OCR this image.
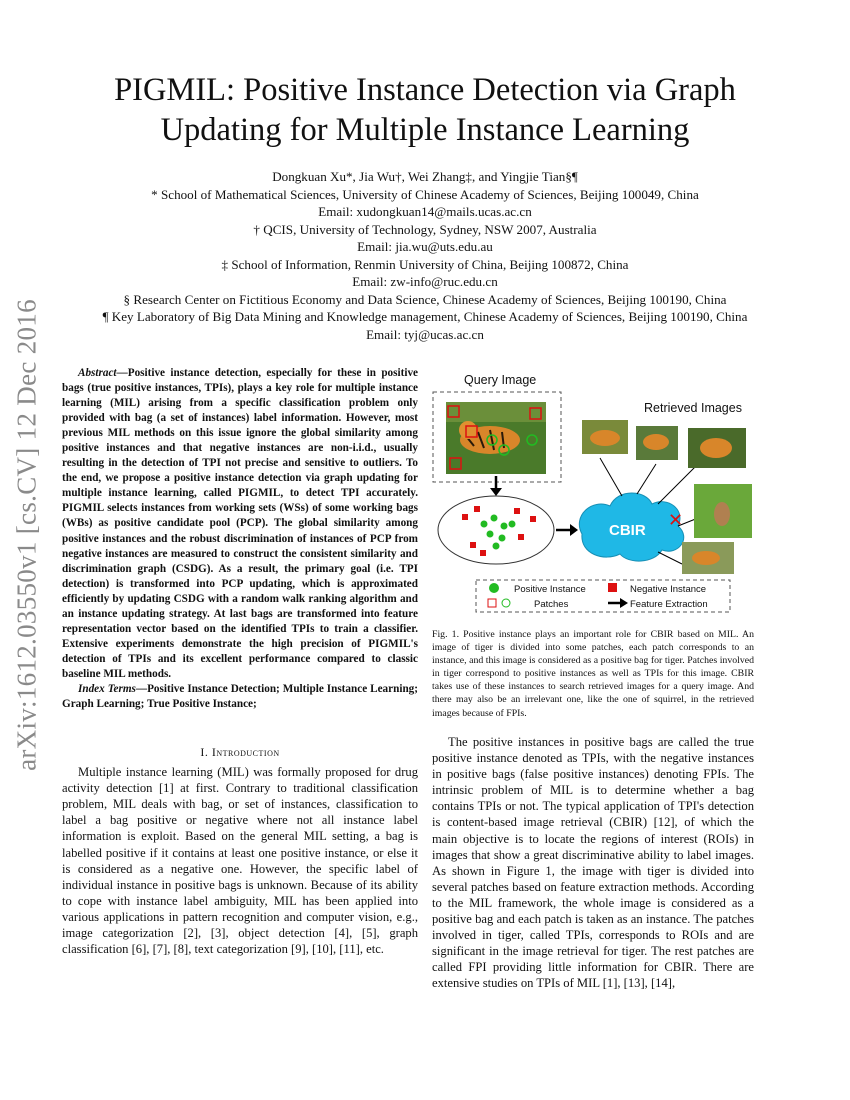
arXiv:1612.03550v1 [cs.CV] 12 Dec 2016
PIGMIL: Positive Instance Detection via Graph
Updating for Multiple Instance Learning
Dongkuan Xu*, Jia Wu†, Wei Zhang‡, and Yingjie Tian§¶
* School of Mathematical Sciences, University of Chinese Academy of Sciences, Beijing 100049, China
Email: xudongkuan14@mails.ucas.ac.cn
† QCIS, University of Technology, Sydney, NSW 2007, Australia
Email: jia.wu@uts.edu.au
‡ School of Information, Renmin University of China, Beijing 100872, China
Email: zw-info@ruc.edu.cn
§ Research Center on Fictitious Economy and Data Science, Chinese Academy of Sciences, Beijing 100190, China
¶ Key Laboratory of Big Data Mining and Knowledge management, Chinese Academy of Sciences, Beijing 100190, China
Email: tyj@ucas.ac.cn

Abstract—Positive instance detection, especially for these in positive bags (true positive instances, TPIs), plays a key role for multiple instance learning (MIL) arising from a specific classification problem only provided with bag (a set of instances) label information. However, most previous MIL methods on this issue ignore the global similarity among positive instances and that negative instances are non-i.i.d., usually resulting in the detection of TPI not precise and sensitive to outliers. To the end, we propose a positive instance detection via graph updating for multiple instance learning, called PIGMIL, to detect TPI accurately. PIGMIL selects instances from working sets (WSs) of some working bags (WBs) as positive candidate pool (PCP). The global similarity among positive instances and the robust discrimination of instances of PCP from negative instances are measured to construct the consistent similarity and discrimination graph (CSDG). As a result, the primary goal (i.e. TPI detection) is transformed into PCP updating, which is approximated efficiently by updating CSDG with a random walk ranking algorithm and an instance updating strategy. At last bags are transformed into feature representation vector based on the identified TPIs to train a classifier. Extensive experiments demonstrate the high precision of PIGMIL's detection of TPIs and its excellent performance compared to classic baseline MIL methods.

Index Terms—Positive Instance Detection; Multiple Instance Learning; Graph Learning; True Positive Instance;

I. Introduction

Multiple instance learning (MIL) was formally proposed for drug activity detection [1] at first. Contrary to traditional classification problem, MIL deals with bag, or set of instances, classification to label a bag positive or negative where not all instance label information is exploit. Based on the general MIL setting, a bag is labelled positive if it contains at least one positive instance, or else it is considered as a negative one. However, the specific label of individual instance in positive bags is unknown. Because of its ability to cope with instance label ambiguity, MIL has been applied into various applications in pattern recognition and computer vision, e.g., image categorization [2], [3], object detection [4], [5], graph classification [6], [7], [8], text categorization [9], [10], [11], etc.

Query Image
CBIR
Retrieved Images
✕
Positive Instance	Negative Instance
Patches	Feature Extraction
Fig. 1. Positive instance plays an important role for CBIR based on MIL. An image of tiger is divided into some patches, each patch corresponds to an instance, and this image is considered as a positive bag for tiger. Patches involved in tiger correspond to positive instances as well as TPIs for this image. CBIR takes use of these instances to search retrieved images for a query image. And there may also be an irrelevant one, like the one of squirrel, in the retrieved images because of FPIs.

The positive instances in positive bags are called the true positive instance denoted as TPIs, with the negative instances in positive bags (false positive instances) denoting FPIs. The intrinsic problem of MIL is to determine whether a bag contains TPIs or not. The typical application of TPI's detection is content-based image retrieval (CBIR) [12], of which the main objective is to locate the regions of interest (ROIs) in images that show a great discriminative ability to label images. As shown in Figure 1, the image with tiger is divided into several patches based on feature extraction methods. According to the MIL framework, the whole image is considered as a positive bag and each patch is taken as an instance. The patches involved in tiger, called TPIs, corresponds to ROIs and are significant in the image retrieval for tiger. The rest patches are called FPI providing little information for CBIR. There are extensive studies on TPIs of MIL [1], [13], [14],
